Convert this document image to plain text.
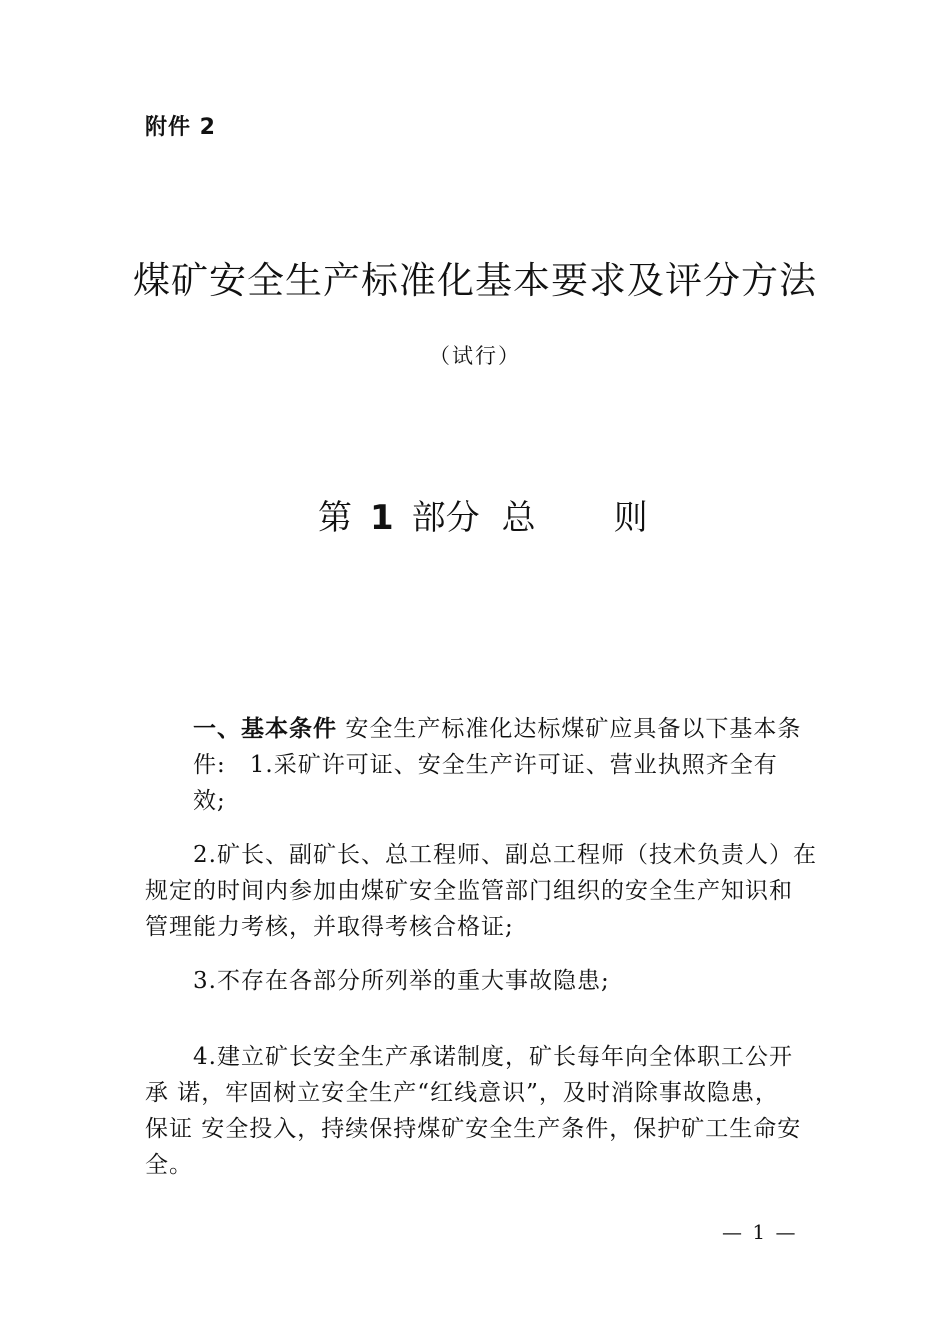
附件 2
煤矿安全生产标准化基本要求及评分方法
（试行）
第 1 部分 总 则
一、基本条件 安全生产标准化达标煤矿应具备以下基本条
件:　1.采矿许可证、安全生产许可证、营业执照齐全有
效;
2.矿长、副矿长、总工程师、副总工程师（技术负责人）在
规定的时间内参加由煤矿安全监管部门组织的安全生产知识和
管理能力考核，并取得考核合格证;
3.不存在各部分所列举的重大事故隐患;
4.建立矿长安全生产承诺制度，矿长每年向全体职工公开
承 诺，牢固树立安全生产“红线意识”，及时消除事故隐患，
保证 安全投入，持续保持煤矿安全生产条件，保护矿工生命安
全。
— 1 —
